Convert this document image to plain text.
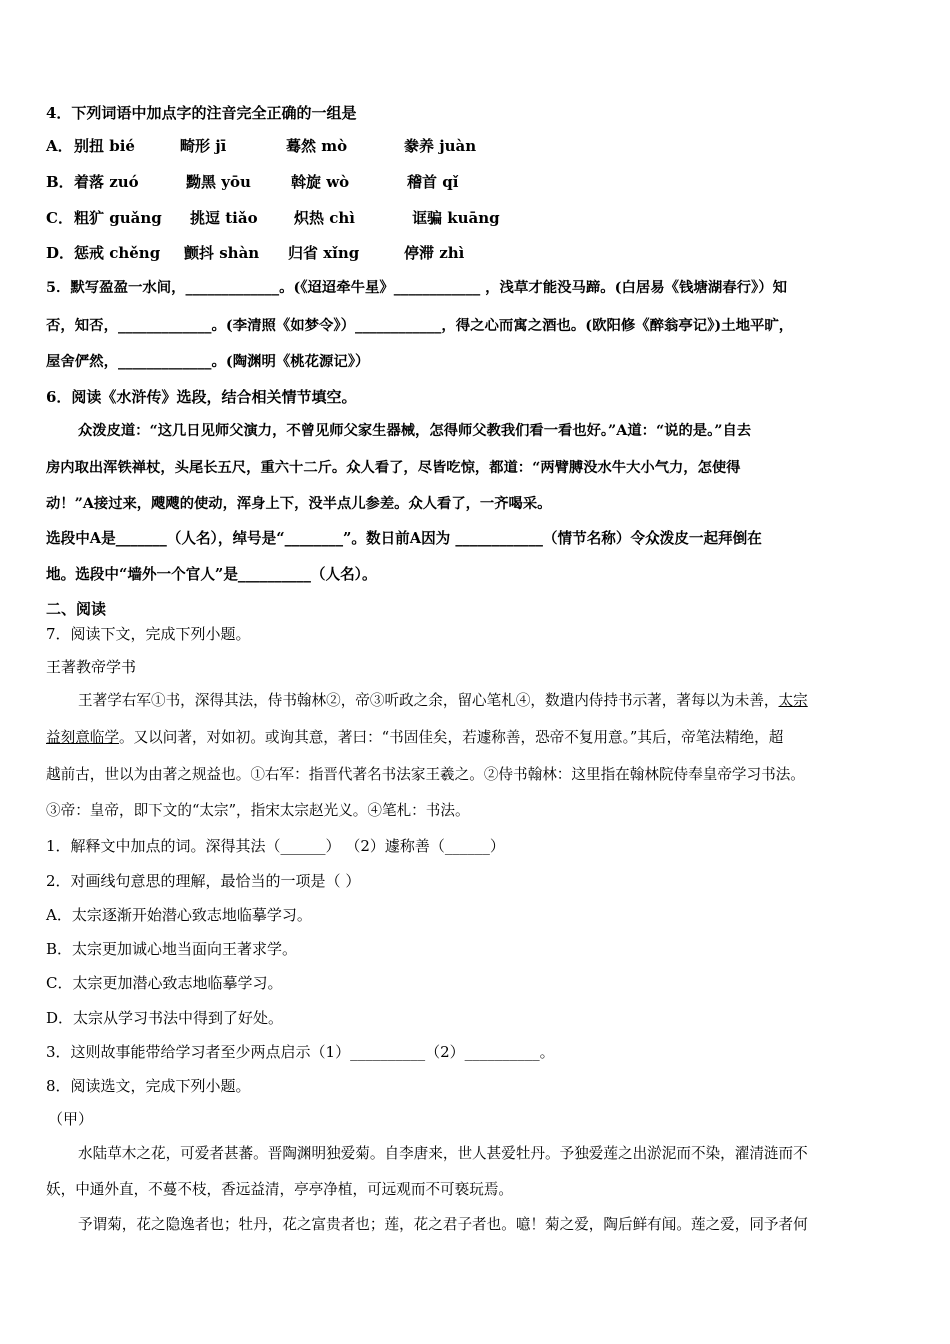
4．下列词语中加点字的注音完全正确的一组是
A． 别扭 bié	畸形 jī	蓦然 mò	豢养 juàn
B． 着落 zuó	黝黑 yōu	斡旋 wò	稽首 qǐ
C． 粗犷 guǎng 挑逗 tiǎo 炽热 chì	诓骗 kuāng
D． 惩戒 chěng 颤抖 shàn 归省 xǐng	停滞 zhì
5．默写盈盈一水间，_____________。(《迢迢牵牛星》____________ ，浅草才能没马蹄。(白居易《钱塘湖春行》）知
否，知否，_____________。(李清照《如梦令》）____________，得之心而寓之酒也。(欧阳修《醉翁亭记》)土地平旷，
屋舍俨然，_____________。(陶渊明《桃花源记》）
6．阅读《水浒传》选段，结合相关情节填空。
众泼皮道：“这几日见师父演力，不曾见师父家生器械，怎得师父教我们看一看也好。”A道：“说的是。”自去
房内取出浑铁禅杖，头尾长五尺，重六十二斤。众人看了，尽皆吃惊，都道：“两臂膊没水牛大小气力，怎使得
动！”A接过来，飕飕的使动，浑身上下，没半点儿参差。众人看了，一齐喝采。
选段中A是_______（人名），绰号是“________”。数日前A因为 ____________（情节名称）令众泼皮一起拜倒在
地。选段中“墙外一个官人”是__________（人名）。
二、阅读
7．阅读下文，完成下列小题。
王著教帝学书
王著学右军①书，深得其法，侍书翰林②，帝③听政之余，留心笔札④，数遣内侍持书示著，著每以为未善，太宗
益刻意临学。又以问著，对如初。或询其意，著曰：“书固佳矣，若遽称善，恐帝不复用意。”其后，帝笔法精绝，超
越前古，世以为由著之规益也。①右军：指晋代著名书法家王羲之。②侍书翰林：这里指在翰林院侍奉皇帝学习书法。
③帝：皇帝，即下文的“太宗”，指宋太宗赵光义。④笔札：书法。
1．解释文中加点的词。深得其法（______） （2）遽称善（______）
2．对画线句意思的理解，最恰当的一项是（ ）
A．太宗逐渐开始潜心致志地临摹学习。
B．太宗更加诚心地当面向王著求学。
C．太宗更加潜心致志地临摹学习。
D．太宗从学习书法中得到了好处。
3．这则故事能带给学习者至少两点启示（1）__________（2）__________。
8．阅读选文，完成下列小题。
（甲）
水陆草木之花，可爱者甚蕃。晋陶渊明独爱菊。自李唐来，世人甚爱牡丹。予独爱莲之出淤泥而不染，濯清涟而不
妖，中通外直，不蔓不枝，香远益清，亭亭净植，可远观而不可亵玩焉。
予谓菊，花之隐逸者也；牡丹，花之富贵者也；莲，花之君子者也。噫！菊之爱，陶后鲜有闻。莲之爱，同予者何
